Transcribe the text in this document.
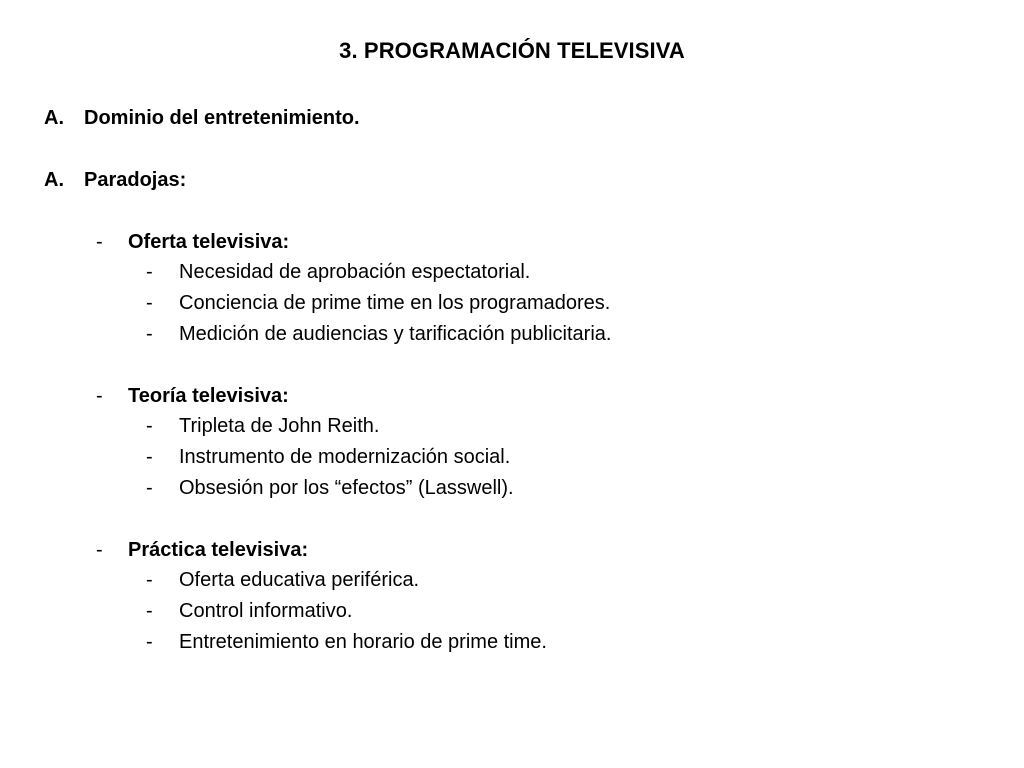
3. PROGRAMACIÓN TELEVISIVA
A. Dominio del entretenimiento.
A. Paradojas:
- Oferta televisiva:
- Necesidad de aprobación espectatorial.
- Conciencia de prime time en los programadores.
- Medición de audiencias y tarificación publicitaria.
- Teoría televisiva:
- Tripleta de John Reith.
- Instrumento de modernización social.
- Obsesión por los “efectos” (Lasswell).
- Práctica televisiva:
- Oferta educativa periférica.
- Control informativo.
- Entretenimiento en horario de prime time.
